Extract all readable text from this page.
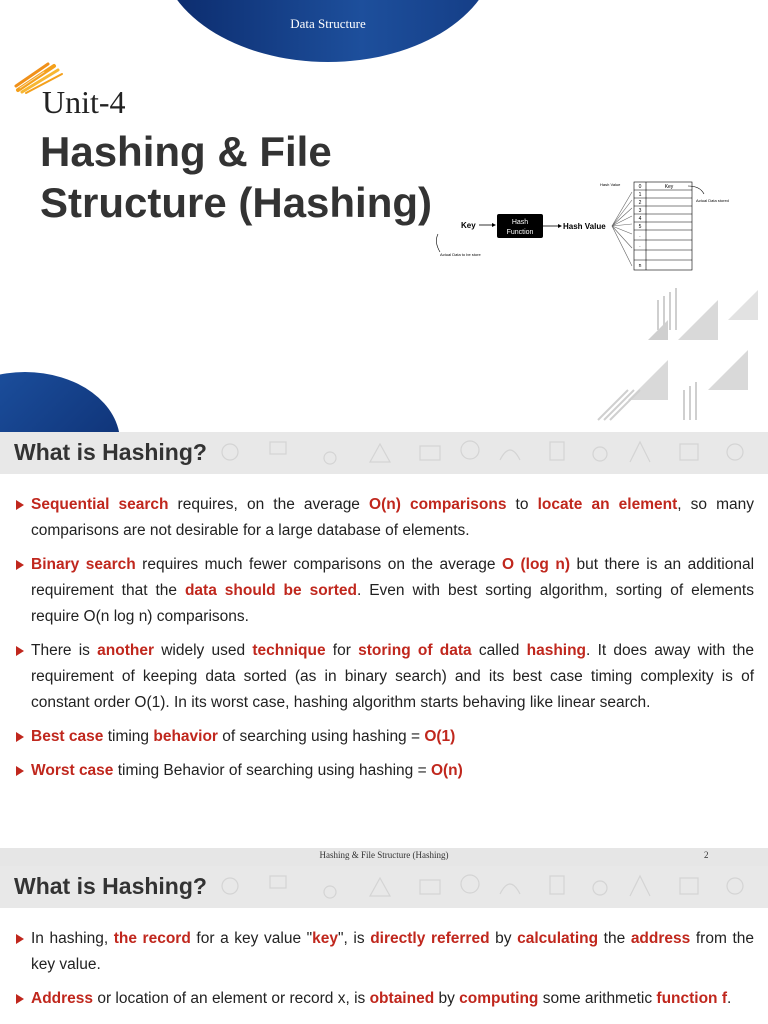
Data Structure
Unit-4
Hashing & File
Structure (Hashing)	Key
Actual Data to be store
Hash
Function
Hash Value
Hash Value	0
1
2
3
4
5
.
.
n
Key
Actual Data stored
What is Hashing?
Sequential search requires, on the average O(n) comparisons to locate an element, so many comparisons are not desirable for a large database of elements.
Binary search requires much fewer comparisons on the average O (log n) but there is an additional requirement that the data should be sorted. Even with best sorting algorithm, sorting of elements require O(n log n) comparisons.
There is another widely used technique for storing of data called hashing. It does away with the requirement of keeping data sorted (as in binary search) and its best case timing complexity is of constant order O(1). In its worst case, hashing algorithm starts behaving like linear search.
Best case timing behavior of searching using hashing = O(1)
Worst case timing Behavior of searching using hashing = O(n)
Hashing & File Structure (Hashing)	2
What is Hashing?
In hashing, the record for a key value "key", is directly referred by calculating the address from the key value.
Address or location of an element or record x, is obtained by computing some arithmetic function f.
